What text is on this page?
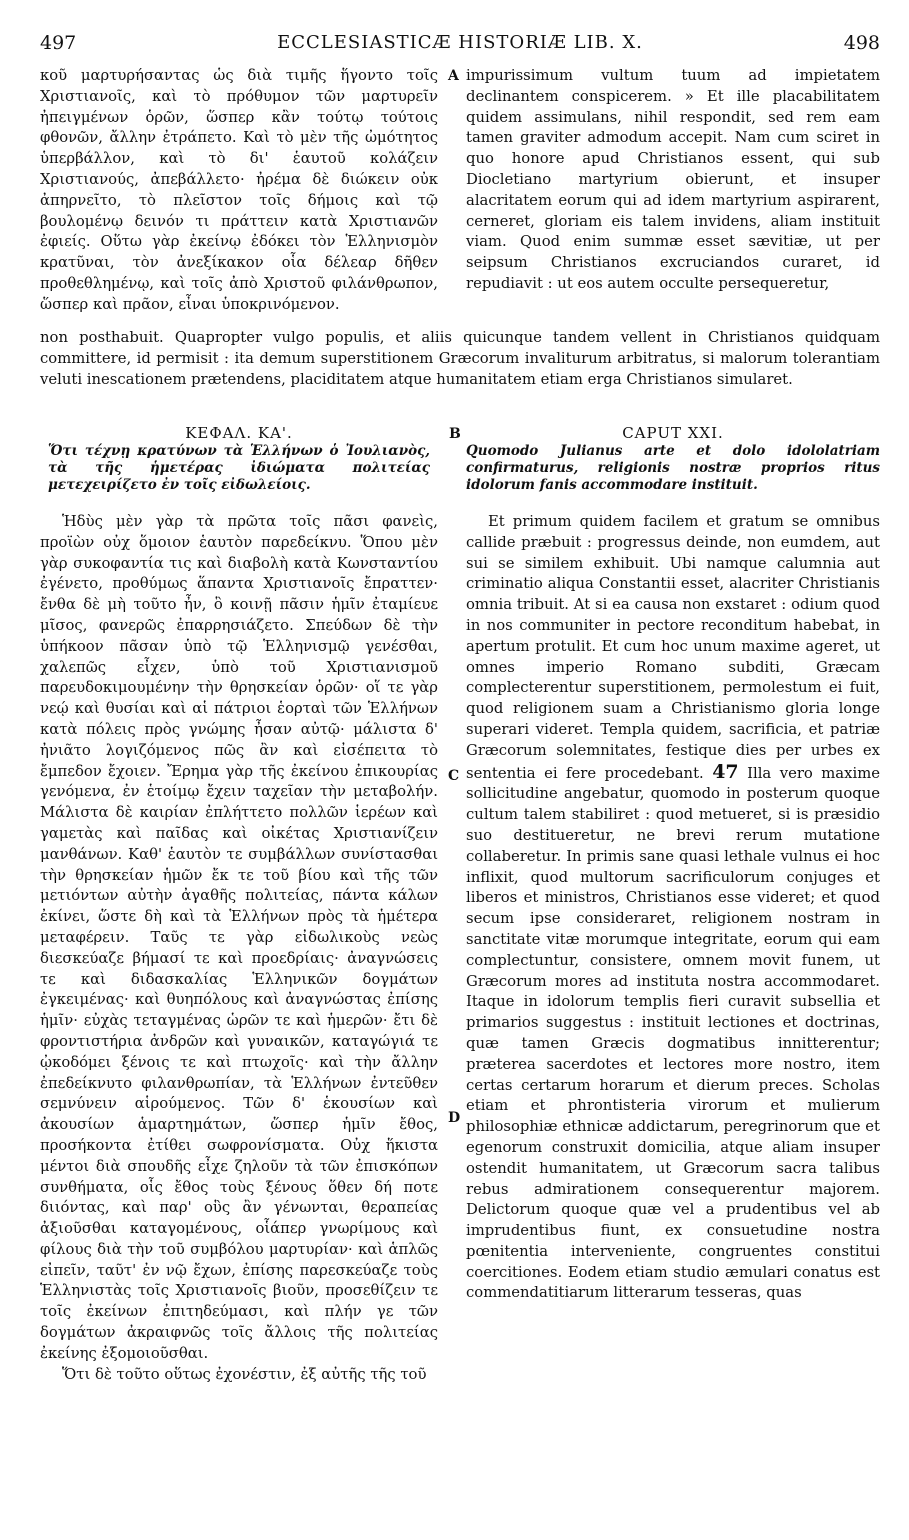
497	ECCLESIASTICÆ HISTORIÆ LIB. X.	498

κοῦ μαρτυρήσαντας ὡς διὰ τιμῆς ἥγοντο τοῖς Χριστιανοῖς, καὶ τὸ πρόθυμον τῶν μαρτυρεῖν ἠπειγμένων ὁρῶν, ὥσπερ κἂν τούτῳ τούτοις φθονῶν, ἄλλην ἐτράπετο. Καὶ τὸ μὲν τῆς ὠμότητος ὑπερβάλλον, καὶ τὸ δι' ἑαυτοῦ κολάζειν Χριστιανούς, ἀπεβάλλετο· ἠρέμα δὲ διώκειν οὐκ ἀπηρνεῖτο, τὸ πλεῖστον τοῖς δήμοις καὶ τῷ βουλομένῳ δεινόν τι πράττειν κατὰ Χριστιανῶν ἐφιείς. Οὕτω γὰρ ἐκείνῳ ἐδόκει τὸν Ἑλληνισμὸν κρατῦναι, τὸν ἀνεξίκακον οἷα δέλεαρ δῆθεν προθεθλημένῳ, καὶ τοῖς ἀπὸ Χριστοῦ φιλάνθρωπον, ὥσπερ καὶ πρᾶον, εἶναι ὑποκρινόμενον.

impurissimum vultum tuum ad impietatem declinantem conspicerem. » Et ille placabilitatem quidem assimulans, nihil respondit, sed rem eam tamen graviter admodum accepit. Nam cum sciret in quo honore apud Christianos essent, qui sub Diocletiano martyrium obierunt, et insuper alacritatem eorum qui ad idem martyrium aspirarent, cerneret, gloriam eis talem invidens, aliam instituit viam. Quod enim summæ esset sævitiæ, ut per seipsum Christianos excruciandos curaret, id repudiavit : ut eos autem occulte persequeretur,

A
non posthabuit. Quapropter vulgo populis, et aliis quicunque tandem vellent in Christianos quidquam committere, id permisit : ita demum superstitionem Græcorum invaliturum arbitratus, si malorum tolerantiam veluti inescationem prætendens, placiditatem atque humanitatem etiam erga Christianos simularet.
ΚΕΦΑΛ. ΚΑ'.	B	CAPUT XXI.
Ὅτι τέχνῃ κρατύνων τὰ Ἑλλήνων ὁ Ἰουλιανὸς, τὰ τῆς ἡμετέρας ἰδιώματα πολιτείας μετεχειρίζετο ἐν τοῖς εἰδωλείοις.
Quomodo Julianus arte et dolo idololatriam confirmaturus, religionis nostræ proprios ritus idolorum fanis accommodare instituit.

Ἡδὺς μὲν γὰρ τὰ πρῶτα τοῖς πᾶσι φανεὶς, προϊὼν οὐχ ὅμοιον ἑαυτὸν παρεδείκνυ. Ὅπου μὲν γὰρ συκοφαντία τις καὶ διαβολὴ κατὰ Κωνσταντίου ἐγένετο, προθύμως ἅπαντα Χριστιανοῖς ἔπραττεν· ἔνθα δὲ μὴ τοῦτο ἦν, ὃ κοινῇ πᾶσιν ἡμῖν ἐταμίευε μῖσος, φανερῶς ἐπαρρησιάζετο. Σπεύδων δὲ τὴν ὑπήκοον πᾶσαν ὑπὸ τῷ Ἑλληνισμῷ γενέσθαι, χαλεπῶς εἶχεν, ὑπὸ τοῦ Χριστιανισμοῦ παρευδοκιμουμένην τὴν θρησκείαν ὁρῶν· οἵ τε γὰρ νεῴ καὶ θυσίαι καὶ αἱ πάτριοι ἑορταὶ τῶν Ἑλλήνων κατὰ πόλεις πρὸς γνώμης ἦσαν αὐτῷ· μάλιστα δ' ἠνιᾶτο λογιζόμενος πῶς ἂν καὶ εἰσέπειτα τὸ ἔμπεδον ἔχοιεν. Ἔρημα γὰρ τῆς ἐκείνου ἐπικουρίας γενόμενα, ἐν ἑτοίμῳ ἔχειν ταχεῖαν τὴν μεταβολήν. Μάλιστα δὲ καιρίαν ἐπλήττετο πολλῶν ἱερέων καὶ γαμετὰς καὶ παῖδας καὶ οἰκέτας Χριστιανίζειν μανθάνων. Καθ' ἑαυτὸν τε συμβάλλων συνίστασθαι τὴν θρησκείαν ἡμῶν ἔκ τε τοῦ βίου καὶ τῆς τῶν μετιόντων αὐτὴν ἀγαθῆς πολιτείας, πάντα κάλων ἐκίνει, ὥστε δὴ καὶ τὰ Ἑλλήνων πρὸς τὰ ἡμέτερα μεταφέρειν. Ταῦς τε γὰρ εἰδωλικοὺς νεὼς διεσκεύαζε βήμασί τε καὶ προεδρίαις· ἀναγνώσεις τε καὶ διδασκαλίας Ἑλληνικῶν δογμάτων ἐγκειμένας· καὶ θυηπόλους καὶ ἀναγνώστας ἐπίσης ἡμῖν· εὐχὰς τεταγμένας ὡρῶν τε καὶ ἡμερῶν· ἔτι δὲ φροντιστήρια ἀνδρῶν καὶ γυναικῶν, καταγώγιά τε ᾠκοδόμει ξένοις τε καὶ πτωχοῖς· καὶ τὴν ἄλλην ἐπεδείκνυτο φιλανθρωπίαν, τὰ Ἑλλήνων ἐντεῦθεν σεμνύνειν αἱρούμενος. Τῶν δ' ἑκουσίων καὶ ἀκουσίων ἁμαρτημάτων, ὥσπερ ἡμῖν ἔθος, προσήκοντα ἐτίθει σωφρονίσματα. Οὐχ ἥκιστα μέντοι διὰ σπουδῆς εἶχε ζηλοῦν τὰ τῶν ἐπισκόπων συνθήματα, οἷς ἔθος τοὺς ξένους ὅθεν δή ποτε διιόντας, καὶ παρ' οὓς ἂν γένωνται, θεραπείας ἀξιοῦσθαι καταγομένους, οἷάπερ γνωρίμους καὶ φίλους διὰ τὴν τοῦ συμβόλου μαρτυρίαν· καὶ ἁπλῶς εἰπεῖν, ταῦτ' ἐν νῷ ἔχων, ἐπίσης παρεσκεύαζε τοὺς Ἑλληνιστὰς τοῖς Χριστιανοῖς βιοῦν, προσεθίζειν τε τοῖς ἐκείνων ἐπιτηδεύμασι, καὶ πλήν γε τῶν δογμάτων ἀκραιφνῶς τοῖς ἄλλοις τῆς πολιτείας ἐκείνης ἐξομοιοῦσθαι.

Ὅτι δὲ τοῦτο οὕτως ἐχονέστιν, ἐξ αὐτῆς τῆς τοῦ

Et primum quidem facilem et gratum se omnibus callide præbuit : progressus deinde, non eumdem, aut sui se similem exhibuit. Ubi namque calumnia aut criminatio aliqua Constantii esset, alacriter Christianis omnia tribuit. At si ea causa non exstaret : odium quod in nos communiter in pectore reconditum habebat, in apertum protulit. Et cum hoc unum maxime ageret, ut omnes imperio Romano subditi, Græcam complecterentur superstitionem, permolestum ei fuit, quod religionem suam a Christianismo gloria longe superari videret. Templa quidem, sacrificia, et patriæ Græcorum solemnitates, festique dies per urbes ex sententia ei fere procedebant. 47 Illa vero maxime sollicitudine angebatur, quomodo in posterum quoque cultum talem stabiliret : quod metueret, si is præsidio suo destitueretur, ne brevi rerum mutatione collaberetur. In primis sane quasi lethale vulnus ei hoc inflixit, quod multorum sacrificulorum conjuges et liberos et ministros, Christianos esse videret; et quod secum ipse consideraret, religionem nostram in sanctitate vitæ morumque integritate, eorum qui eam complectuntur, consistere, omnem movit funem, ut Græcorum mores ad instituta nostra accommodaret. Itaque in idolorum templis fieri curavit subsellia et primarios suggestus : instituit lectiones et doctrinas, quæ tamen Græcis dogmatibus innitterentur; præterea sacerdotes et lectores more nostro, item certas certarum horarum et dierum preces. Scholas etiam et phrontisteria virorum et mulierum philosophiæ ethnicæ addictarum, peregrinorum que et egenorum construxit domicilia, atque aliam insuper ostendit humanitatem, ut Græcorum sacra talibus rebus admirationem consequerentur majorem. Delictorum quoque quæ vel a prudentibus vel ab imprudentibus fiunt, ex consuetudine nostra pœnitentia interveniente, congruentes constitui coercitiones. Eodem etiam studio æmulari conatus est commendatitiarum litterarum tesseras, quas

C
D
